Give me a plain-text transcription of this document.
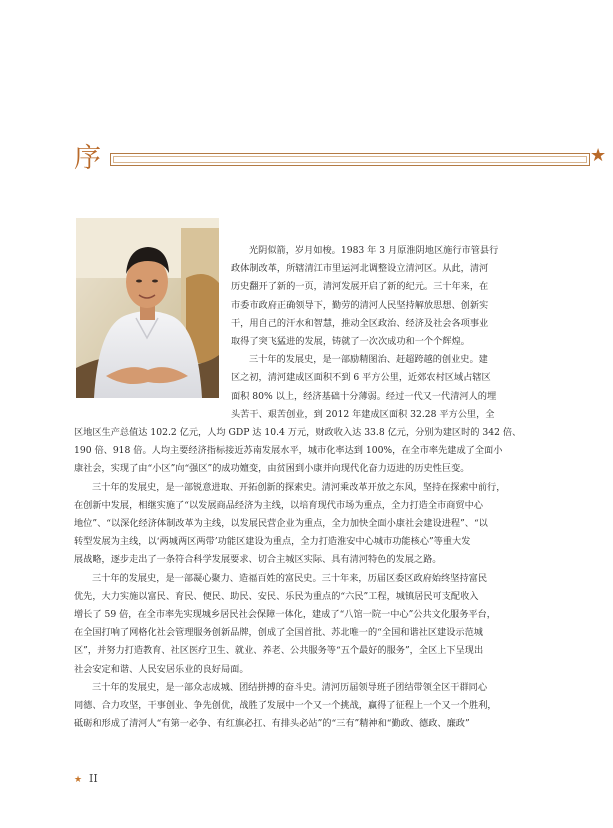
序	★

光阴似箭，岁月如梭。1983 年 3 月原淮阴地区施行市管县行

政体制改革，所辖清江市里运河北调整设立清河区。从此，清河

历史翻开了新的一页，清河发展开启了新的纪元。三十年来，在

市委市政府正确领导下，勤劳的清河人民坚持解放思想、创新实

干，用自己的汗水和智慧，推动全区政治、经济及社会各项事业

取得了突飞猛进的发展，铸就了一次次成功和一个个辉煌。

三十年的发展史，是一部励精图治、赶超跨越的创业史。建

区之初，清河建成区面积不到 6 平方公里，近郊农村区域占辖区

面积 80% 以上，经济基础十分薄弱。经过一代又一代清河人的埋

头苦干、艰苦创业，到 2012 年建成区面积 32.28 平方公里，全

区地区生产总值达 102.2 亿元，人均 GDP 达 10.4 万元，财政收入达 33.8 亿元，分别为建区时的 342 倍、

190 倍、918 倍。人均主要经济指标接近苏南发展水平，城市化率达到 100%，在全市率先建成了全面小

康社会，实现了由“小区”向“强区”的成功嬗变，由贫困到小康并向现代化奋力迈进的历史性巨变。

三十年的发展史，是一部锐意进取、开拓创新的探索史。清河乘改革开放之东风，坚持在探索中前行，

在创新中发展，相继实施了“以发展商品经济为主线，以培育现代市场为重点，全力打造全市商贸中心

地位”、“以深化经济体制改革为主线，以发展民营企业为重点，全力加快全面小康社会建设进程”、“以

转型发展为主线，以‘两城两区两带’功能区建设为重点，全力打造淮安中心城市功能核心”等重大发

展战略，逐步走出了一条符合科学发展要求、切合主城区实际、具有清河特色的发展之路。

三十年的发展史，是一部凝心聚力、造福百姓的富民史。三十年来，历届区委区政府始终坚持富民

优先，大力实施以富民、育民、便民、助民、安民、乐民为重点的“六民”工程，城镇居民可支配收入

增长了 59 倍，在全市率先实现城乡居民社会保障一体化，建成了“八馆一院一中心”公共文化服务平台，

在全国打响了网格化社会管理服务创新品牌，创成了全国首批、苏北唯一的“全国和谐社区建设示范城

区”，并努力打造教育、社区医疗卫生、就业、养老、公共服务等“五个最好的服务”，全区上下呈现出

社会安定和谐、人民安居乐业的良好局面。

三十年的发展史，是一部众志成城、团结拼搏的奋斗史。清河历届领导班子团结带领全区干群同心

同德、合力攻坚，干事创业、争先创优，战胜了发展中一个又一个挑战，赢得了征程上一个又一个胜利，

砥砺和形成了清河人“有第一必争、有红旗必扛、有排头必站”的“三有”精神和“勤政、德政、廉政”

★ II
